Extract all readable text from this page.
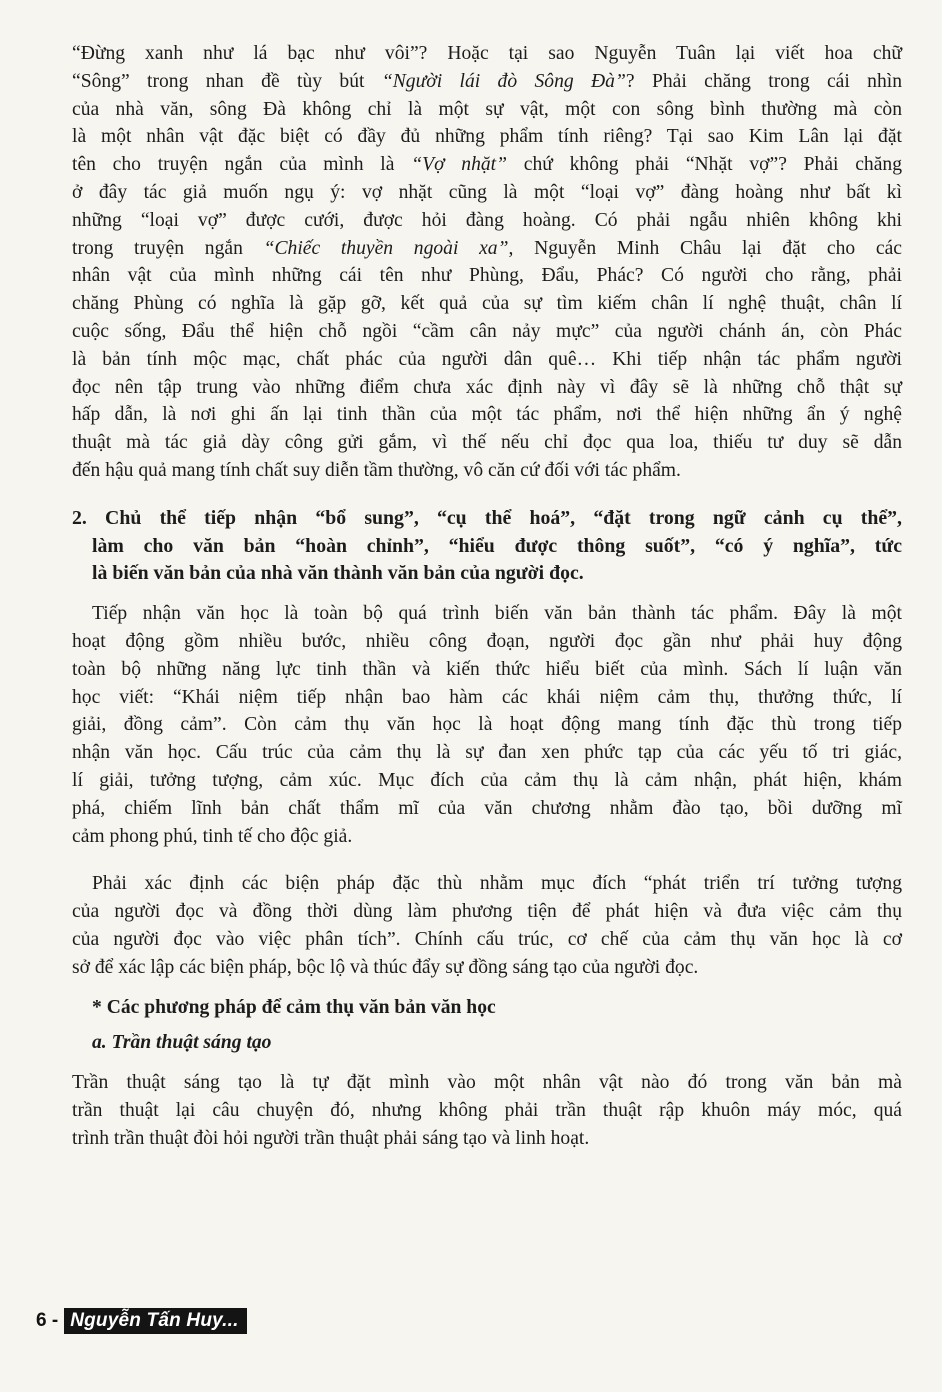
“Đừng xanh như lá bạc như vôi”? Hoặc tại sao Nguyễn Tuân lại viết hoa chữ
“Sông” trong nhan đề tùy bút “Người lái đò Sông Đà”? Phải chăng trong cái nhìn
của nhà văn, sông Đà không chỉ là một sự vật, một con sông bình thường mà còn
là một nhân vật đặc biệt có đầy đủ những phẩm tính riêng? Tại sao Kim Lân lại đặt
tên cho truyện ngắn của mình là “Vợ nhặt” chứ không phải “Nhặt vợ”? Phải chăng
ở đây tác giả muốn ngụ ý: vợ nhặt cũng là một “loại vợ” đàng hoàng như bất kì
những “loại vợ” được cưới, được hỏi đàng hoàng. Có phải ngẫu nhiên không khi
trong truyện ngắn “Chiếc thuyền ngoài xa”, Nguyễn Minh Châu lại đặt cho các
nhân vật của mình những cái tên như Phùng, Đẩu, Phác? Có người cho rằng, phải
chăng Phùng có nghĩa là gặp gỡ, kết quả của sự tìm kiếm chân lí nghệ thuật, chân lí
cuộc sống, Đẩu thể hiện chỗ ngồi “cầm cân nảy mực” của người chánh án, còn Phác
là bản tính mộc mạc, chất phác của người dân quê… Khi tiếp nhận tác phẩm người
đọc nên tập trung vào những điểm chưa xác định này vì đây sẽ là những chỗ thật sự
hấp dẫn, là nơi ghi ấn lại tinh thần của một tác phẩm, nơi thể hiện những ẩn ý nghệ
thuật mà tác giả dày công gửi gắm, vì thế nếu chỉ đọc qua loa, thiếu tư duy sẽ dẫn
đến hậu quả mang tính chất suy diễn tầm thường, vô căn cứ đối với tác phẩm.
2. Chủ thể tiếp nhận “bổ sung”, “cụ thể hoá”, “đặt trong ngữ cảnh cụ thể”,
làm cho văn bản “hoàn chỉnh”, “hiểu được thông suốt”, “có ý nghĩa”, tức
là biến văn bản của nhà văn thành văn bản của người đọc.
Tiếp nhận văn học là toàn bộ quá trình biến văn bản thành tác phẩm. Đây là một
hoạt động gồm nhiều bước, nhiều công đoạn, người đọc gần như phải huy động
toàn bộ những năng lực tinh thần và kiến thức hiểu biết của mình. Sách lí luận văn
học viết: “Khái niệm tiếp nhận bao hàm các khái niệm cảm thụ, thưởng thức, lí
giải, đồng cảm”. Còn cảm thụ văn học là hoạt động mang tính đặc thù trong tiếp
nhận văn học. Cấu trúc của cảm thụ là sự đan xen phức tạp của các yếu tố tri giác,
lí giải, tưởng tượng, cảm xúc. Mục đích của cảm thụ là cảm nhận, phát hiện, khám
phá, chiếm lĩnh bản chất thẩm mĩ của văn chương nhằm đào tạo, bồi dưỡng mĩ
cảm phong phú, tinh tế cho độc giả.
Phải xác định các biện pháp đặc thù nhằm mục đích “phát triển trí tưởng tượng
của người đọc và đồng thời dùng làm phương tiện để phát hiện và đưa việc cảm thụ
của người đọc vào việc phân tích”. Chính cấu trúc, cơ chế của cảm thụ văn học là cơ
sở để xác lập các biện pháp, bộc lộ và thúc đẩy sự đồng sáng tạo của người đọc.
* Các phương pháp để cảm thụ văn bản văn học
a. Trần thuật sáng tạo
Trần thuật sáng tạo là tự đặt mình vào một nhân vật nào đó trong văn bản mà
trần thuật lại câu chuyện đó, nhưng không phải trần thuật rập khuôn máy móc, quá
trình trần thuật đòi hỏi người trần thuật phải sáng tạo và linh hoạt.
6 - Nguyễn Tấn Huy...
